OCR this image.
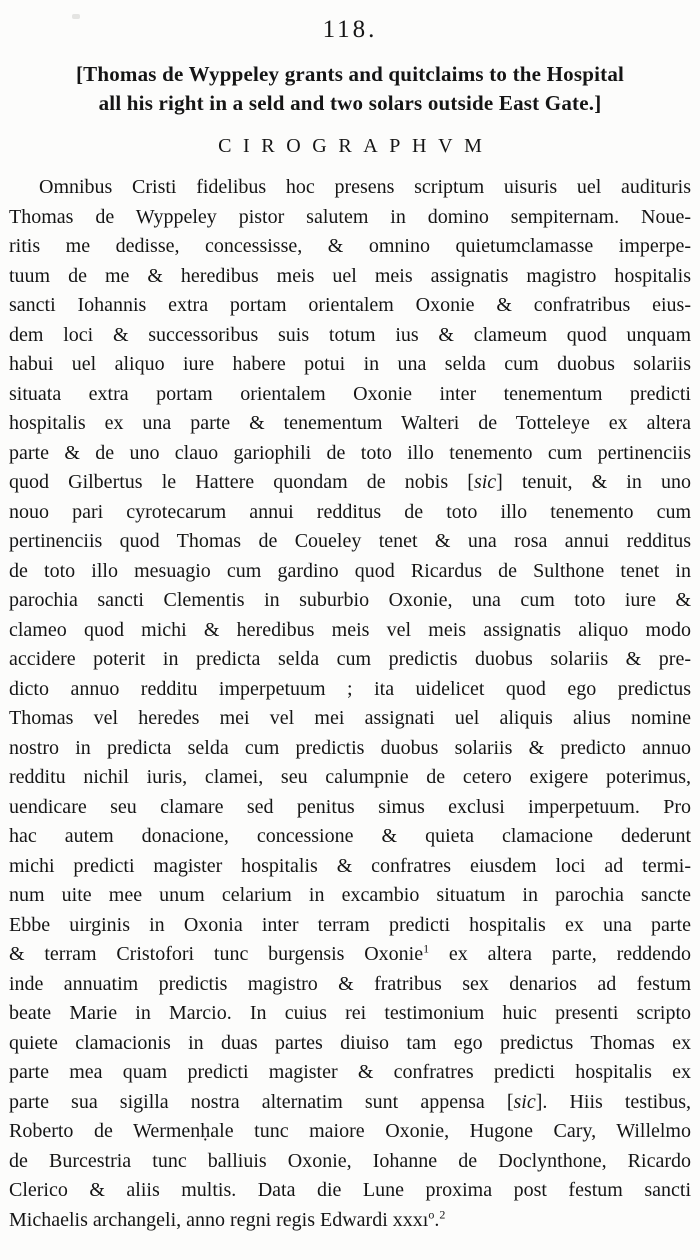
118.
[Thomas de Wyppeley grants and quitclaims to the Hospital
all his right in a seld and two solars outside East Gate.]
CIROGRAPHVM
Omnibus Cristi fidelibus hoc presens scriptum uisuris uel audituris
Thomas de Wyppeley pistor salutem in domino sempiternam. Noue-
ritis me dedisse, concessisse, & omnino quietumclamasse imperpe-
tuum de me & heredibus meis uel meis assignatis magistro hospitalis
sancti Iohannis extra portam orientalem Oxonie & confratribus eius-
dem loci & successoribus suis totum ius & clameum quod unquam
habui uel aliquo iure habere potui in una selda cum duobus solariis
situata extra portam orientalem Oxonie inter tenementum predicti
hospitalis ex una parte & tenementum Walteri de Totteleye ex altera
parte & de uno clauo gariophili de toto illo tenemento cum pertinenciis
quod Gilbertus le Hattere quondam de nobis [sic] tenuit, & in uno
nouo pari cyrotecarum annui redditus de toto illo tenemento cum
pertinenciis quod Thomas de Coueley tenet & una rosa annui redditus
de toto illo mesuagio cum gardino quod Ricardus de Sulthone tenet in
parochia sancti Clementis in suburbio Oxonie, una cum toto iure &
clameo quod michi & heredibus meis vel meis assignatis aliquo modo
accidere poterit in predicta selda cum predictis duobus solariis & pre-
dicto annuo redditu imperpetuum ; ita uidelicet quod ego predictus
Thomas vel heredes mei vel mei assignati uel aliquis alius nomine
nostro in predicta selda cum predictis duobus solariis & predicto annuo
redditu nichil iuris, clamei, seu calumpnie de cetero exigere poterimus,
uendicare seu clamare sed penitus simus exclusi imperpetuum. Pro
hac autem donacione, concessione & quieta clamacione dederunt
michi predicti magister hospitalis & confratres eiusdem loci ad termi-
num uite mee unum celarium in excambio situatum in parochia sancte
Ebbe uirginis in Oxonia inter terram predicti hospitalis ex una parte
& terram Cristofori tunc burgensis Oxonie$^1$ ex altera parte, reddendo
inde annuatim predictis magistro & fratribus sex denarios ad festum
beate Marie in Marcio. In cuius rei testimonium huic presenti scripto
quiete clamacionis in duas partes diuiso tam ego predictus Thomas ex
parte mea quam predicti magister & confratres predicti hospitalis ex
parte sua sigilla nostra alternatim sunt appensa [sic]. Hiis testibus,
Roberto de Wermenḥale tunc maiore Oxonie, Hugone Cary, Willelmo
de Burcestria tunc balliuis Oxonie, Iohanne de Doclynthone, Ricardo
Clerico & aliis multis. Data die Lune proxima post festum sancti
Michaelis archangeli, anno regni regis Edwardi xxxı$^o$.$^2$
